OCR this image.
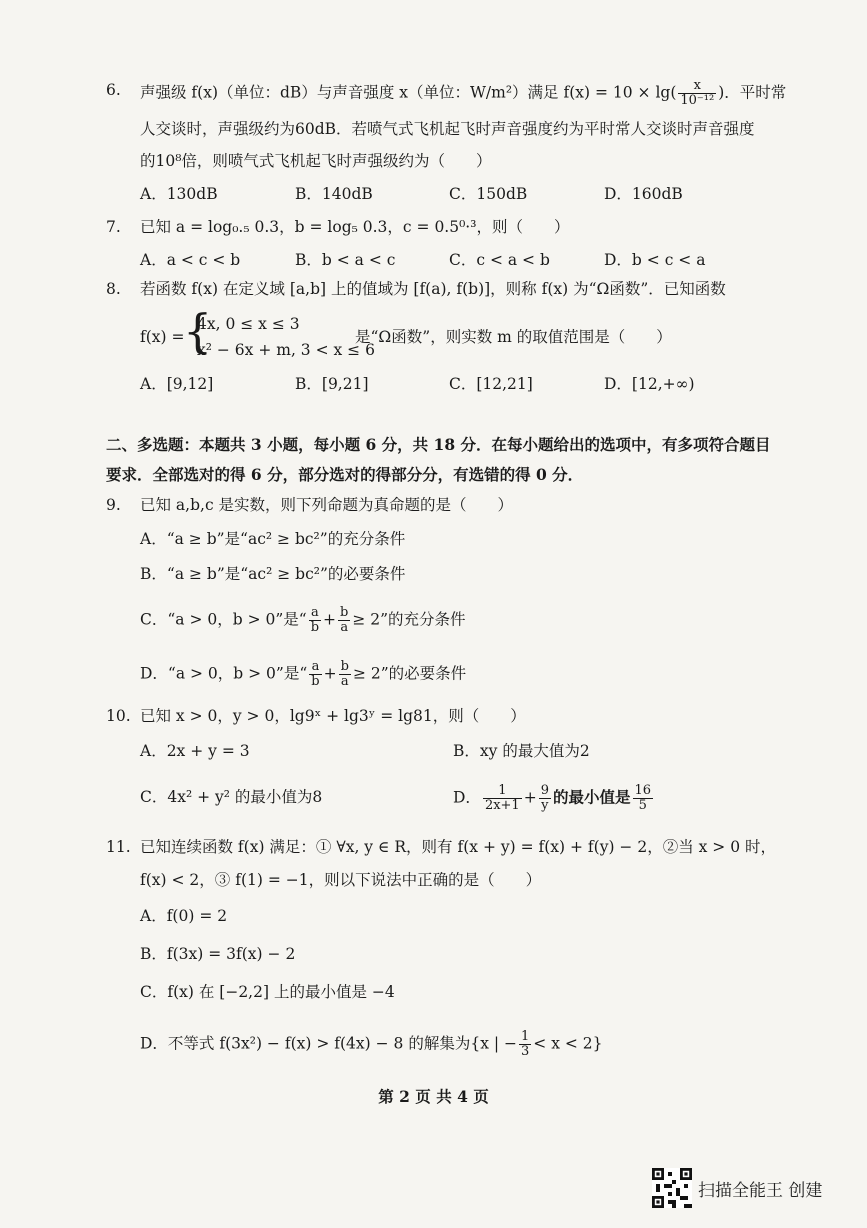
6. 声强级 f(x)（单位：dB）与声音强度 x（单位：W/m²）满足 $f(x) = 10 \times \lg( \frac{x}{\text{10⁻¹²}}$ )．平时常
人交谈时，声强级约为60dB．若喷气式飞机起飞时声音强度约为平时常人交谈时声音强度
的10⁸倍，则喷气式飞机起飞时声强级约为（　　）
A．130dB	B．140dB	C．150dB	D．160dB
7. 已知 a = log₀.₅ 0.3，b = log₅ 0.3，c = 0.5⁰·³，则（　　）
A．a < c < b	B．b < a < c	C．c < a < b	D．b < c < a
8. 若函数 f(x) 在定义域 [a,b] 上的值域为 [f(a), f(b)]，则称 f(x) 为“Ω函数”．已知函数
f(x) =
{
4x, 0 ≤ x ≤ 3
x² − 6x + m, 3 < x ≤ 6
是“Ω函数”，则实数 m 的取值范围是（　　）
A．[9,12]	B．[9,21]	C．[12,21]	D．[12,+∞)
二、多选题：本题共 3 小题，每小题 6 分，共 18 分．在每小题给出的选项中，有多项符合题目
要求．全部选对的得 6 分，部分选对的得部分分，有选错的得 0 分．
9. 已知 a,b,c 是实数，则下列命题为真命题的是（　　）
A．“a ≥ b”是“ac² ≥ bc²”的充分条件
B．“a ≥ b”是“ac² ≥ bc²”的必要条件
C．“a > 0，b > 0”是“ $\frac{a}{b} + \frac{b}{a} \ge 2$”的充分条件
D．“a > 0，b > 0”是“ $\frac{a}{b} + \frac{b}{a} \ge 2$”的必要条件
10. 已知 x > 0，y > 0，lg9ˣ + lg3ʸ = lg81，则（　　）
A．2x + y = 3	B．xy 的最大值为2
C．4x² + y² 的最小值为8	D． $\frac{1}{2x+1} + \frac{9}{y}$ 的最小值是 $\frac{16}{5}$
11. 已知连续函数 f(x) 满足：① ∀x, y ∈ R，则有 f(x + y) = f(x) + f(y) − 2，②当 x > 0 时，
f(x) < 2，③ f(1) = −1，则以下说法中正确的是（　　）
A．f(0) = 2
B．f(3x) = 3f(x) − 2
C．f(x) 在 [−2,2] 上的最小值是 −4
D．不等式 f(3x²) − f(x) > f(4x) − 8 的解集为{x | − $\frac{1}{3} < x < 2$}
第 2 页 共 4 页
扫描全能王 创建
